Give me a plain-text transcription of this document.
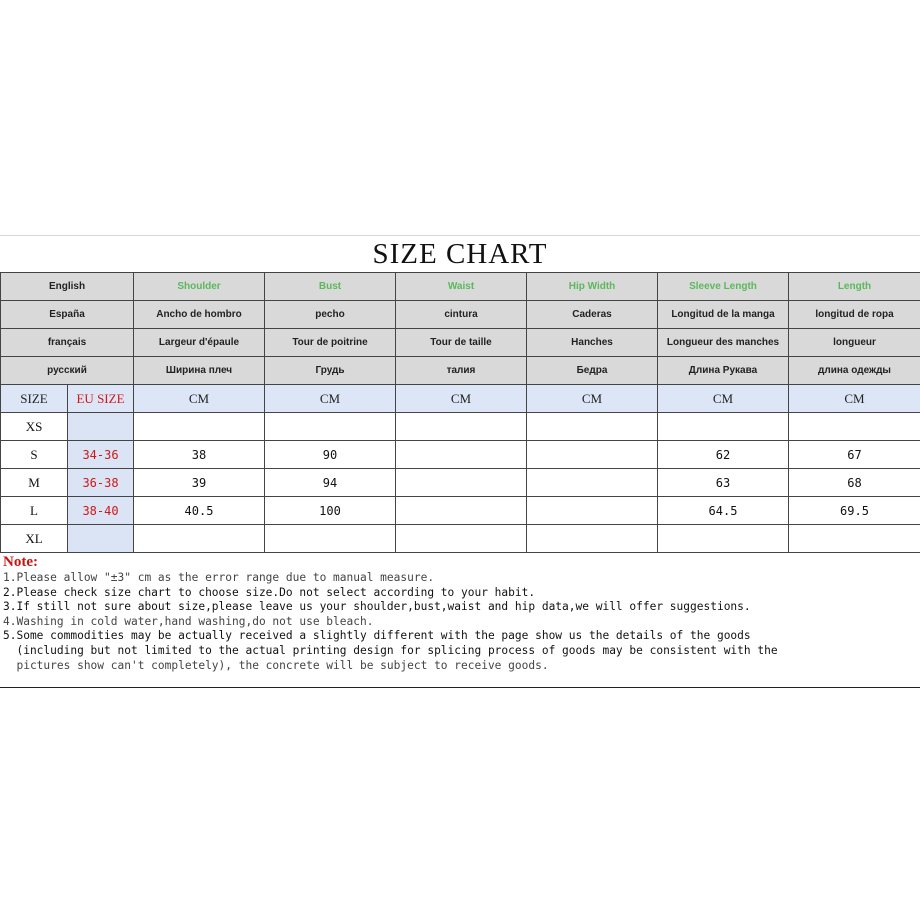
SIZE CHART
English		Shoulder	Bust	Waist	Hip Width	Sleeve Length	Length
España		Ancho de hombro	pecho	cintura	Caderas	Longitud de la manga	longitud de ropa
français		Largeur d'épaule	Tour de poitrine	Tour de taille	Hanches	Longueur des manches	longueur
русский		Ширина плеч	Грудь	талия	Бедра	Длина Рукава	длина одежды
SIZE	EU SIZE	CM	CM	CM	CM	CM	CM
XS							
S	34-36	38	90			62	67
M	36-38	39	94			63	68
L	38-40	40.5	100			64.5	69.5
XL							
Note:
1.Please allow "±3" cm as the error range due to manual measure.
2.Please check size chart to choose size.Do not select according to your habit.
3.If still not sure about size,please leave us your shoulder,bust,waist and hip data,we will offer suggestions.
4.Washing in cold water,hand washing,do not use bleach.
5.Some commodities may be actually received a slightly different with the page show us the details of the goods
(including but not limited to the actual printing design for splicing process of goods may be consistent with the
pictures show can't completely), the concrete will be subject to receive goods.
